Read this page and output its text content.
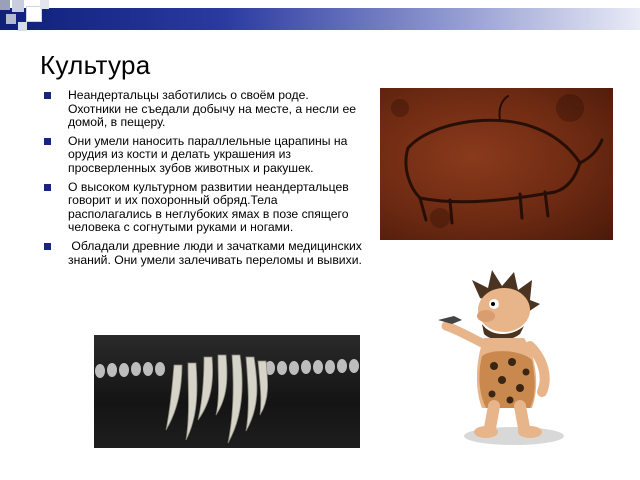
Культура
Неандертальцы заботились о своём роде. Охотники не съедали добычу на месте, а несли ее домой, в пещеру.
Они умели наносить параллельные царапины на орудия из кости и делать украшения из просверленных зубов животных и ракушек.
О высоком культурном развитии неандертальцев говорит и их похоронный обряд.Тела располагались в неглубоких ямах в позе спящего человека с согнутыми руками и ногами.
Обладали древние люди и зачатками медицинских знаний. Они умели залечивать переломы и вывихи.
